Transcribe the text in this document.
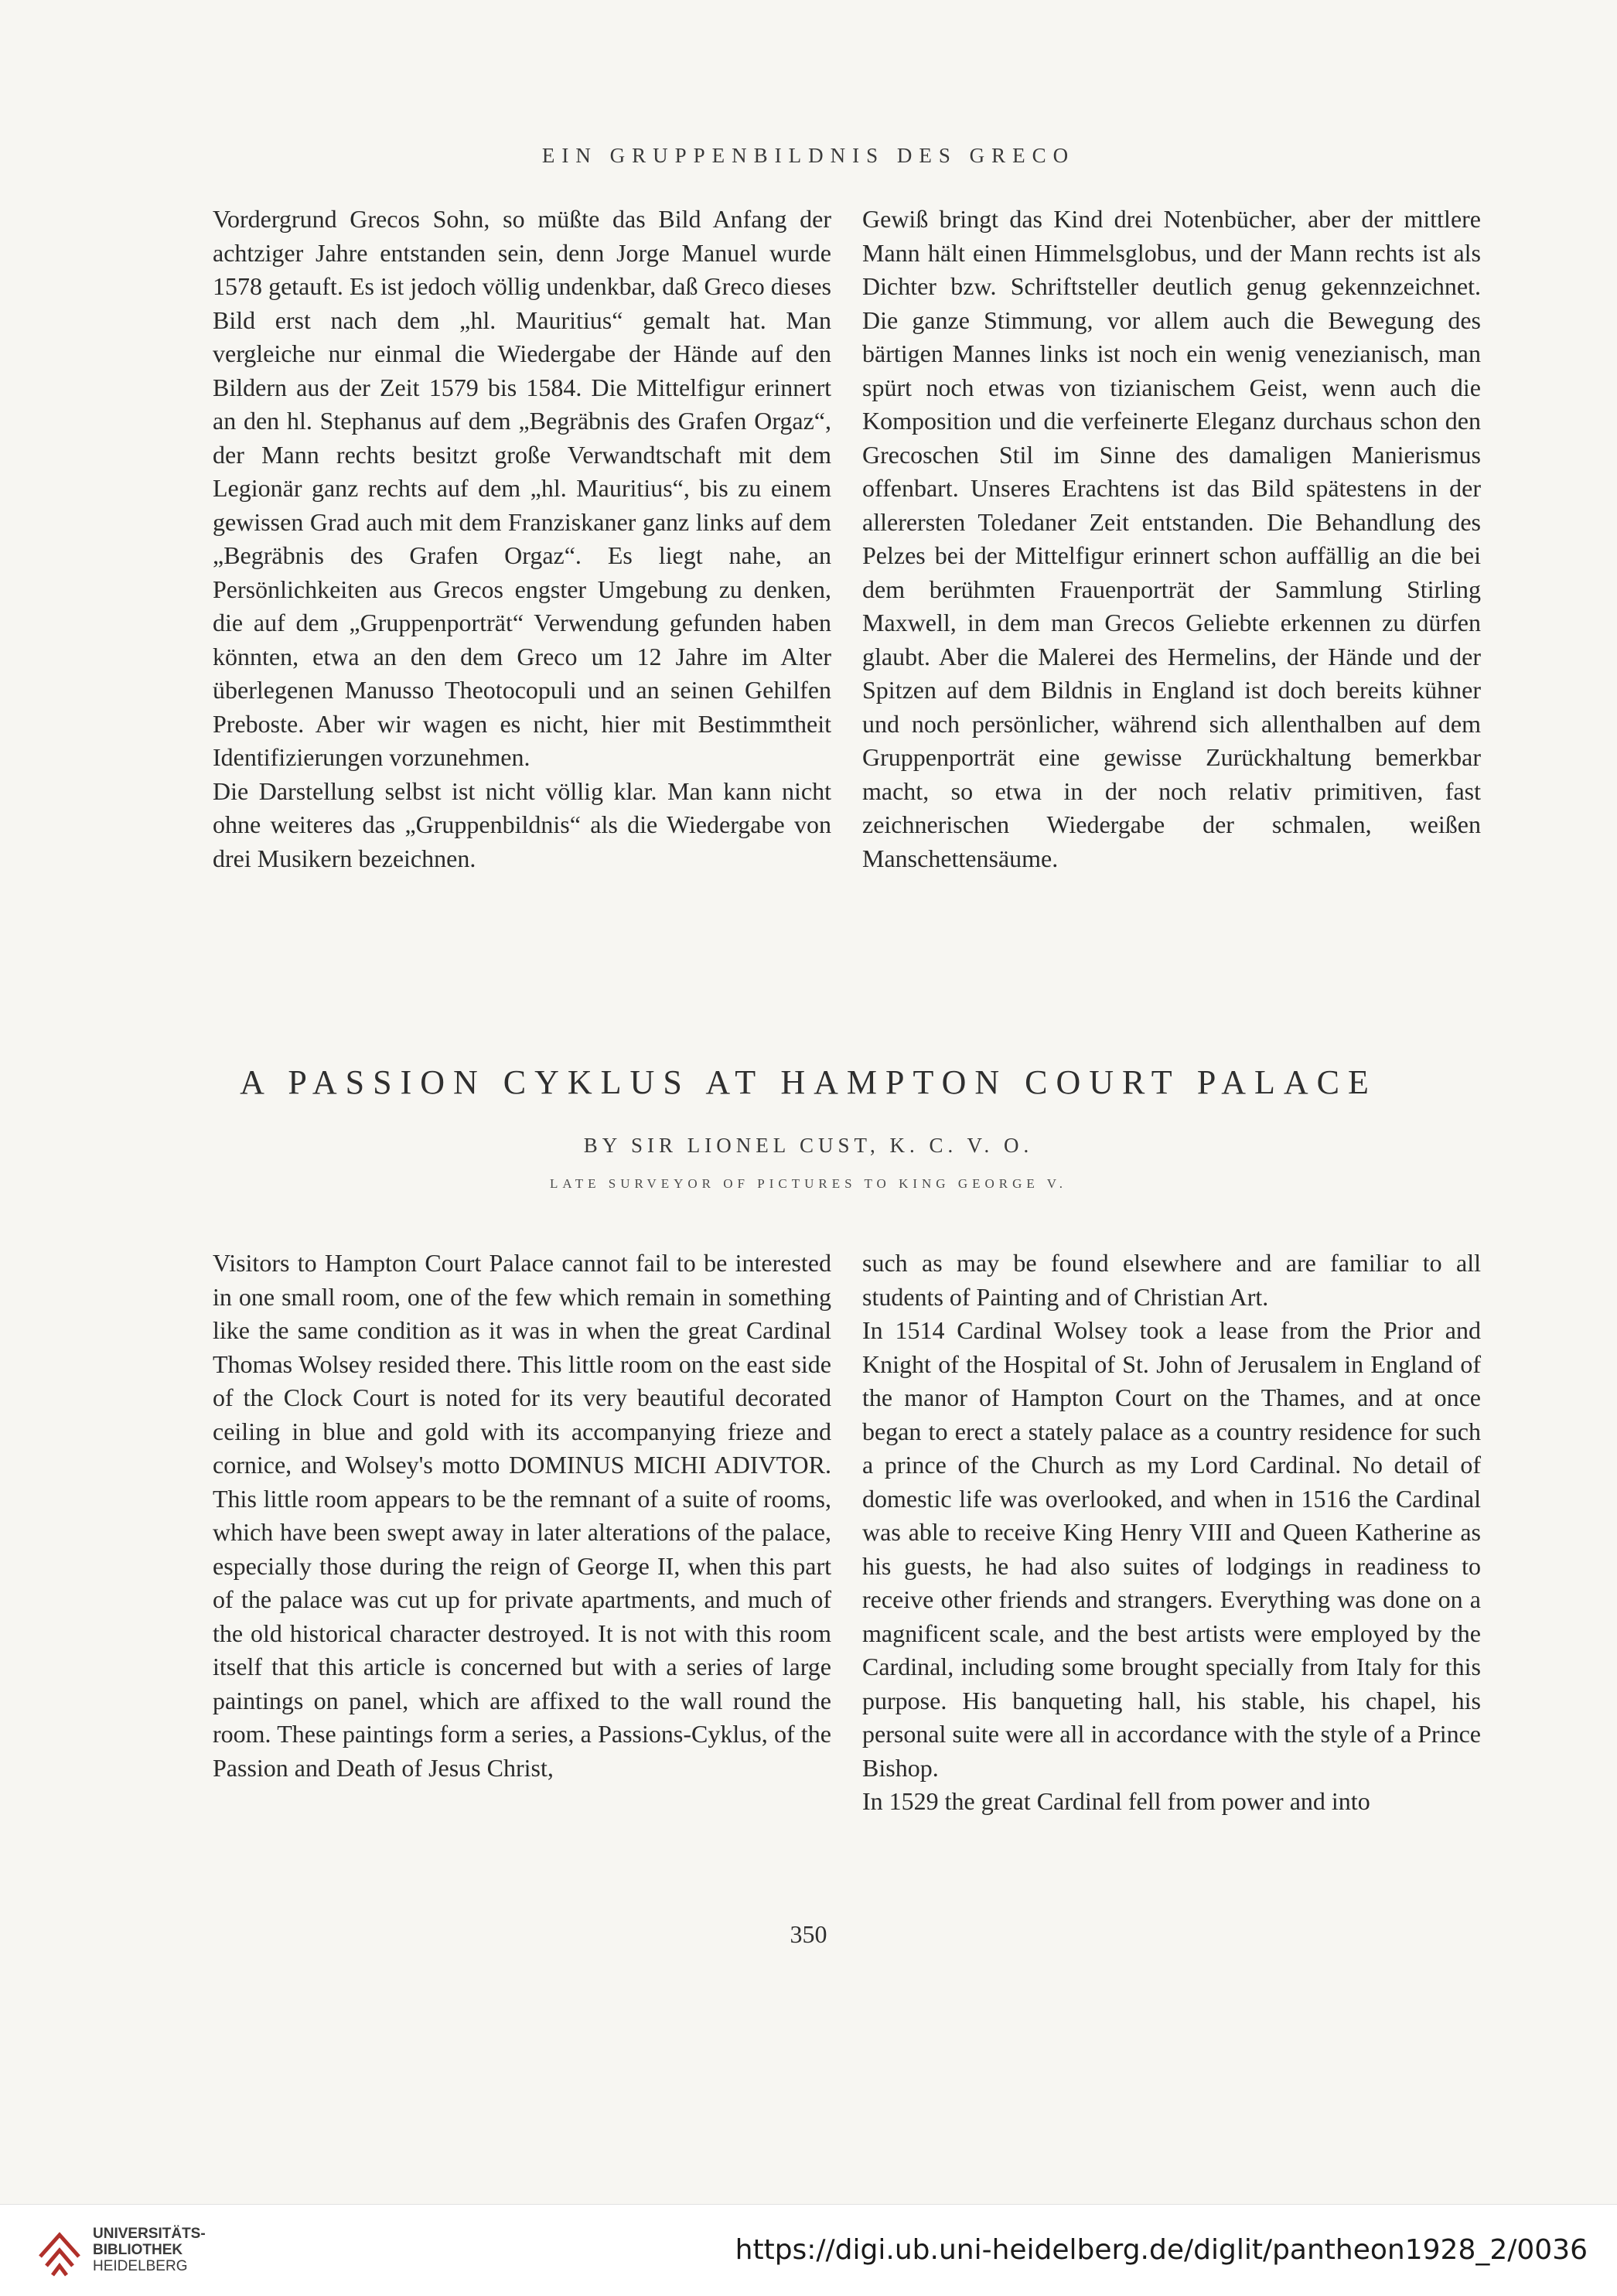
EIN GRUPPENBILDNIS DES GRECO

Vordergrund Grecos Sohn, so müßte das Bild Anfang der achtziger Jahre entstanden sein, denn Jorge Manuel wurde 1578 getauft. Es ist jedoch völlig undenkbar, daß Greco dieses Bild erst nach dem „hl. Mauritius“ gemalt hat. Man vergleiche nur einmal die Wiedergabe der Hände auf den Bildern aus der Zeit 1579 bis 1584. Die Mittelfigur erinnert an den hl. Stephanus auf dem „Begräbnis des Grafen Orgaz“, der Mann rechts besitzt große Verwandtschaft mit dem Legionär ganz rechts auf dem „hl. Mauritius“, bis zu einem gewissen Grad auch mit dem Franziskaner ganz links auf dem „Begräbnis des Grafen Orgaz“. Es liegt nahe, an Persönlichkeiten aus Grecos engster Umgebung zu denken, die auf dem „Gruppenporträt“ Verwendung gefunden haben könnten, etwa an den dem Greco um 12 Jahre im Alter überlegenen Manusso Theotocopuli und an seinen Gehilfen Preboste. Aber wir wagen es nicht, hier mit Bestimmtheit Identifizierungen vorzunehmen.

Die Darstellung selbst ist nicht völlig klar. Man kann nicht ohne weiteres das „Gruppenbildnis“ als die Wiedergabe von drei Musikern bezeichnen.

Gewiß bringt das Kind drei Notenbücher, aber der mittlere Mann hält einen Himmelsglobus, und der Mann rechts ist als Dichter bzw. Schriftsteller deutlich genug gekennzeichnet. Die ganze Stimmung, vor allem auch die Bewegung des bärtigen Mannes links ist noch ein wenig venezianisch, man spürt noch etwas von tizianischem Geist, wenn auch die Komposition und die verfeinerte Eleganz durchaus schon den Grecoschen Stil im Sinne des damaligen Manierismus offenbart. Unseres Erachtens ist das Bild spätestens in der allerersten Toledaner Zeit entstanden. Die Behandlung des Pelzes bei der Mittelfigur erinnert schon auffällig an die bei dem berühmten Frauenporträt der Sammlung Stirling Maxwell, in dem man Grecos Geliebte erkennen zu dürfen glaubt. Aber die Malerei des Hermelins, der Hände und der Spitzen auf dem Bildnis in England ist doch bereits kühner und noch persönlicher, während sich allenthalben auf dem Gruppenporträt eine gewisse Zurückhaltung bemerkbar macht, so etwa in der noch relativ primitiven, fast zeichnerischen Wiedergabe der schmalen, weißen Manschettensäume.

A PASSION CYKLUS AT HAMPTON COURT PALACE
BY SIR LIONEL CUST, K. C. V. O.
LATE SURVEYOR OF PICTURES TO KING GEORGE V.

Visitors to Hampton Court Palace cannot fail to be interested in one small room, one of the few which remain in something like the same condition as it was in when the great Cardinal Thomas Wolsey resided there. This little room on the east side of the Clock Court is noted for its very beautiful decorated ceiling in blue and gold with its accompanying frieze and cornice, and Wolsey's motto DOMINUS MICHI ADIVTOR. This little room appears to be the remnant of a suite of rooms, which have been swept away in later alterations of the palace, especially those during the reign of George II, when this part of the palace was cut up for private apartments, and much of the old historical character destroyed. It is not with this room itself that this article is concerned but with a series of large paintings on panel, which are affixed to the wall round the room. These paintings form a series, a Passions-Cyklus, of the Passion and Death of Jesus Christ,

such as may be found elsewhere and are familiar to all students of Painting and of Christian Art.

In 1514 Cardinal Wolsey took a lease from the Prior and Knight of the Hospital of St. John of Jerusalem in England of the manor of Hampton Court on the Thames, and at once began to erect a stately palace as a country residence for such a prince of the Church as my Lord Cardinal. No detail of domestic life was overlooked, and when in 1516 the Cardinal was able to receive King Henry VIII and Queen Katherine as his guests, he had also suites of lodgings in readiness to receive other friends and strangers. Everything was done on a magnificent scale, and the best artists were employed by the Cardinal, including some brought specially from Italy for this purpose. His banqueting hall, his stable, his chapel, his personal suite were all in accordance with the style of a Prince Bishop.

In 1529 the great Cardinal fell from power and into

350
UNIVERSITÄTS-
BIBLIOTHEK
HEIDELBERG
https://digi.ub.uni-heidelberg.de/diglit/pantheon1928_2/0036
